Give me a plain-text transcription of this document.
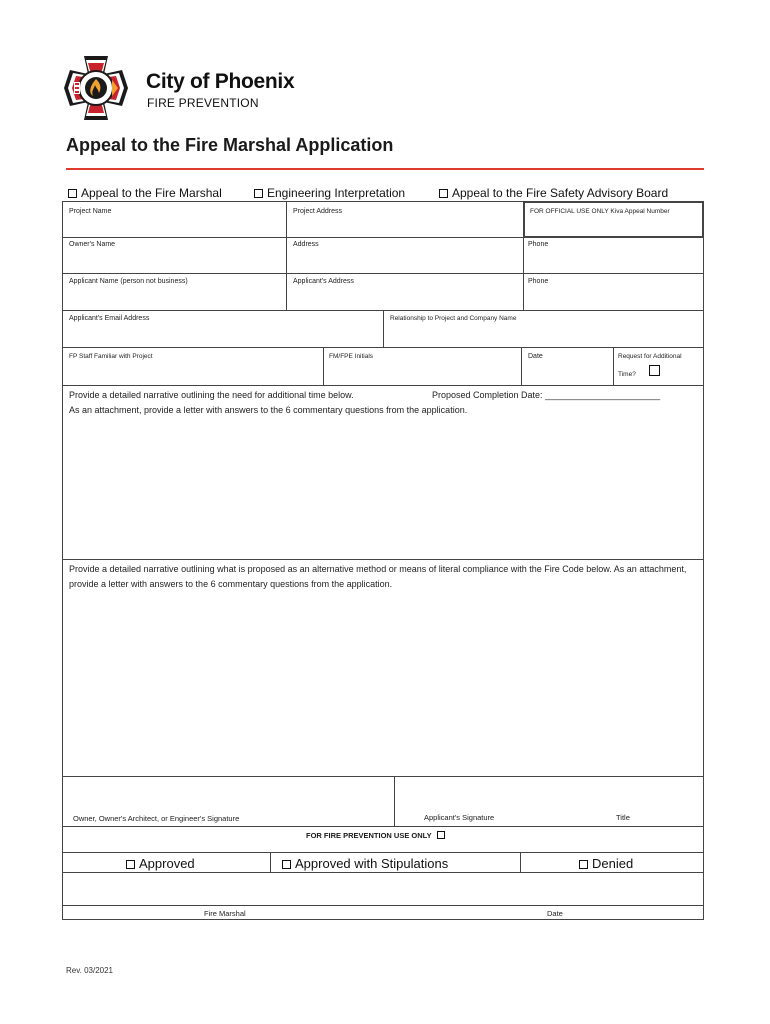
City of Phoenix
FIRE PREVENTION
Appeal to the Fire Marshal Application
Appeal to the Fire Marshal	Engineering Interpretation	Appeal to the Fire Safety Advisory Board
Project Name	Project Address	FOR OFFICIAL USE ONLY Kiva Appeal Number
Owner's Name	Address	Phone
Applicant Name (person not business)	Applicant's Address	Phone
Applicant's Email Address	Relationship to Project and Company Name
FP Staff Familiar with Project	FM/FPE Initials	Date	Request for Additional
Time?
Provide a detailed narrative outlining the need for additional time below.	Proposed Completion Date: _______________________
As an attachment, provide a letter with answers to the 6 commentary questions from the application.
Provide a detailed narrative outlining what is proposed as an alternative method or means of literal compliance with the Fire Code below. As an attachment, provide a letter with answers to the 6 commentary questions from the application.
Owner, Owner's Architect, or Engineer's Signature	Applicant's Signature	Title
FOR FIRE PREVENTION USE ONLY
Approved	Approved with Stipulations	Denied
Fire Marshal	Date
Rev. 03/2021
